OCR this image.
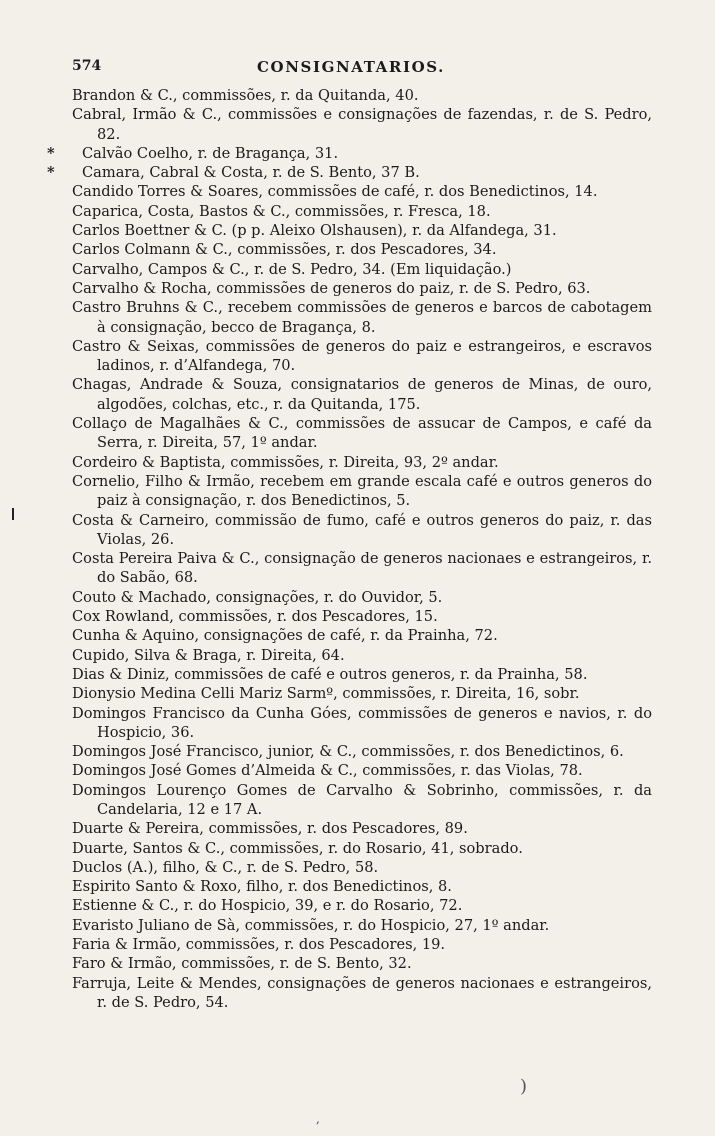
574	CONSIGNATARIOS.
Brandon & C., commissões, r. da Quitanda, 40.
Cabral, Irmão & C., commissões e consignações de fazendas, r. de S. Pedro, 82.
* Calvão Coelho, r. de Bragança, 31.
* Camara, Cabral & Costa, r. de S. Bento, 37 B.
Candido Torres & Soares, commissões de café, r. dos Benedictinos, 14.
Caparica, Costa, Bastos & C., commissões, r. Fresca, 18.
Carlos Boettner & C. (p p. Aleixo Olshausen), r. da Alfandega, 31.
Carlos Colmann & C., commissões, r. dos Pescadores, 34.
Carvalho, Campos & C., r. de S. Pedro, 34. (Em liquidação.)
Carvalho & Rocha, commissões de generos do paiz, r. de S. Pedro, 63.
Castro Bruhns & C., recebem commissões de generos e barcos de cabotagem à consignação, becco de Bragança, 8.
Castro & Seixas, commissões de generos do paiz e estrangeiros, e escravos ladinos, r. d’Alfandega, 70.
Chagas, Andrade & Souza, consignatarios de generos de Minas, de ouro, algodões, colchas, etc., r. da Quitanda, 175.
Collaço de Magalhães & C., commissões de assucar de Campos, e café da Serra, r. Direita, 57, 1º andar.
Cordeiro & Baptista, commissões, r. Direita, 93, 2º andar.
Cornelio, Filho & Irmão, recebem em grande escala café e outros generos do paiz à consignação, r. dos Benedictinos, 5.
Costa & Carneiro, commissão de fumo, café e outros generos do paiz, r. das Violas, 26.
Costa Pereira Paiva & C., consignação de generos nacionaes e estrangeiros, r. do Sabão, 68.
Couto & Machado, consignações, r. do Ouvidor, 5.
Cox Rowland, commissões, r. dos Pescadores, 15.
Cunha & Aquino, consignações de café, r. da Prainha, 72.
Cupido, Silva & Braga, r. Direita, 64.
Dias & Diniz, commissões de café e outros generos, r. da Prainha, 58.
Dionysio Medina Celli Mariz Sarmº, commissões, r. Direita, 16, sobr.
Domingos Francisco da Cunha Góes, commissões de generos e navios, r. do Hospicio, 36.
Domingos José Francisco, junior, & C., commissões, r. dos Benedictinos, 6.
Domingos José Gomes d’Almeida & C., commissões, r. das Violas, 78.
Domingos Lourenço Gomes de Carvalho & Sobrinho, commissões, r. da Candelaria, 12 e 17 A.
Duarte & Pereira, commissões, r. dos Pescadores, 89.
Duarte, Santos & C., commissões, r. do Rosario, 41, sobrado.
Duclos (A.), filho, & C., r. de S. Pedro, 58.
Espirito Santo & Roxo, filho, r. dos Benedictinos, 8.
Estienne & C., r. do Hospicio, 39, e r. do Rosario, 72.
Evaristo Juliano de Sà, commissões, r. do Hospicio, 27, 1º andar.
Faria & Irmão, commissões, r. dos Pescadores, 19.
Faro & Irmão, commissões, r. de S. Bento, 32.
Farruja, Leite & Mendes, consignações de generos nacionaes e estrangeiros, r. de S. Pedro, 54.
)
,
